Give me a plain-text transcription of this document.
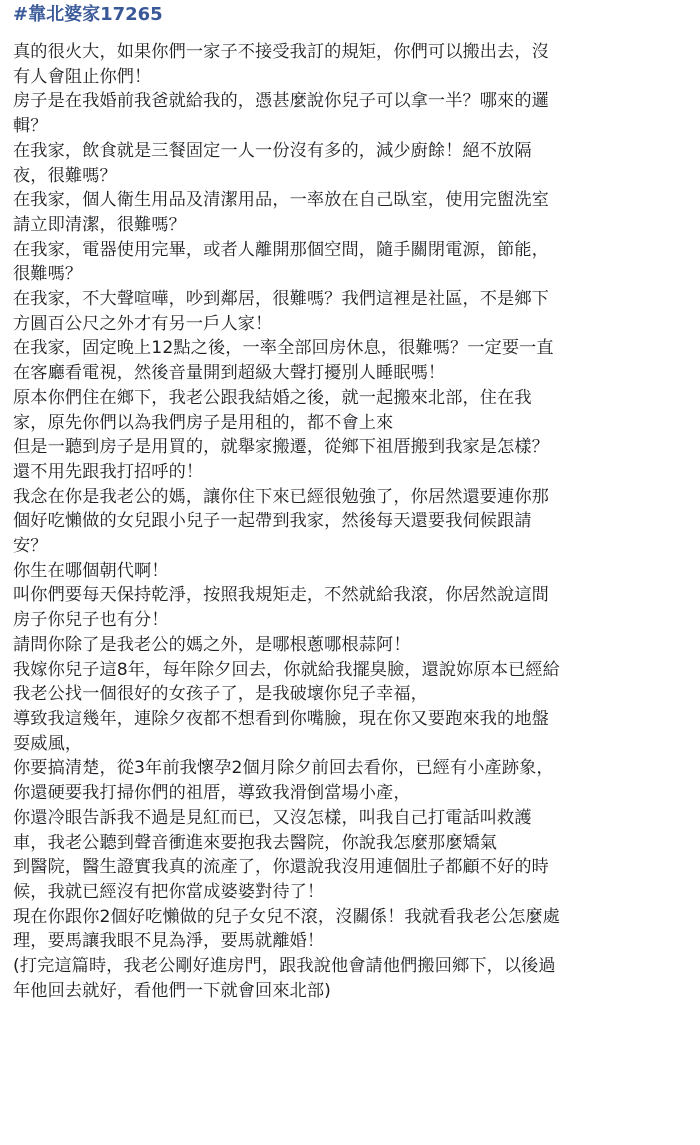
#靠北婆家17265
真的很火大，如果你們一家子不接受我訂的規矩，你們可以搬出去，沒
有人會阻止你們！
房子是在我婚前我爸就給我的，憑甚麼說你兒子可以拿一半？哪來的邏
輯？
在我家，飲食就是三餐固定一人一份沒有多的，減少廚餘！絕不放隔
夜，很難嗎？
在我家，個人衛生用品及清潔用品，一率放在自己臥室，使用完盥洗室
請立即清潔，很難嗎？
在我家，電器使用完畢，或者人離開那個空間，隨手關閉電源，節能，
很難嗎？
在我家，不大聲喧嘩，吵到鄰居，很難嗎？我們這裡是社區，不是鄉下
方圓百公尺之外才有另一戶人家！
在我家，固定晚上12點之後，一率全部回房休息，很難嗎？一定要一直
在客廳看電視，然後音量開到超級大聲打擾別人睡眠嗎！
原本你們住在鄉下，我老公跟我結婚之後，就一起搬來北部，住在我
家，原先你們以為我們房子是用租的，都不會上來
但是一聽到房子是用買的，就舉家搬遷，從鄉下祖厝搬到我家是怎樣？
還不用先跟我打招呼的！
我念在你是我老公的媽，讓你住下來已經很勉強了，你居然還要連你那
個好吃懶做的女兒跟小兒子一起帶到我家，然後每天還要我伺候跟請
安？
你生在哪個朝代啊！
叫你們要每天保持乾淨，按照我規矩走，不然就給我滾，你居然說這間
房子你兒子也有分！
請問你除了是我老公的媽之外，是哪根蔥哪根蒜阿！
我嫁你兒子這8年，每年除夕回去，你就給我擺臭臉，還說妳原本已經給
我老公找一個很好的女孩子了，是我破壞你兒子幸福，
導致我這幾年，連除夕夜都不想看到你嘴臉，現在你又要跑來我的地盤
耍威風，
你要搞清楚，從3年前我懷孕2個月除夕前回去看你，已經有小產跡象，
你還硬要我打掃你們的祖厝，導致我滑倒當場小產，
你還冷眼告訴我不過是見紅而已，又沒怎樣，叫我自己打電話叫救護
車，我老公聽到聲音衝進來要抱我去醫院，你說我怎麼那麼矯氣
到醫院，醫生證實我真的流產了，你還說我沒用連個肚子都顧不好的時
候，我就已經沒有把你當成婆婆對待了！
現在你跟你2個好吃懶做的兒子女兒不滾，沒關係！我就看我老公怎麼處
理，要馬讓我眼不見為淨，要馬就離婚！
(打完這篇時，我老公剛好進房門，跟我說他會請他們搬回鄉下，以後過
年他回去就好，看他們一下就會回來北部)
